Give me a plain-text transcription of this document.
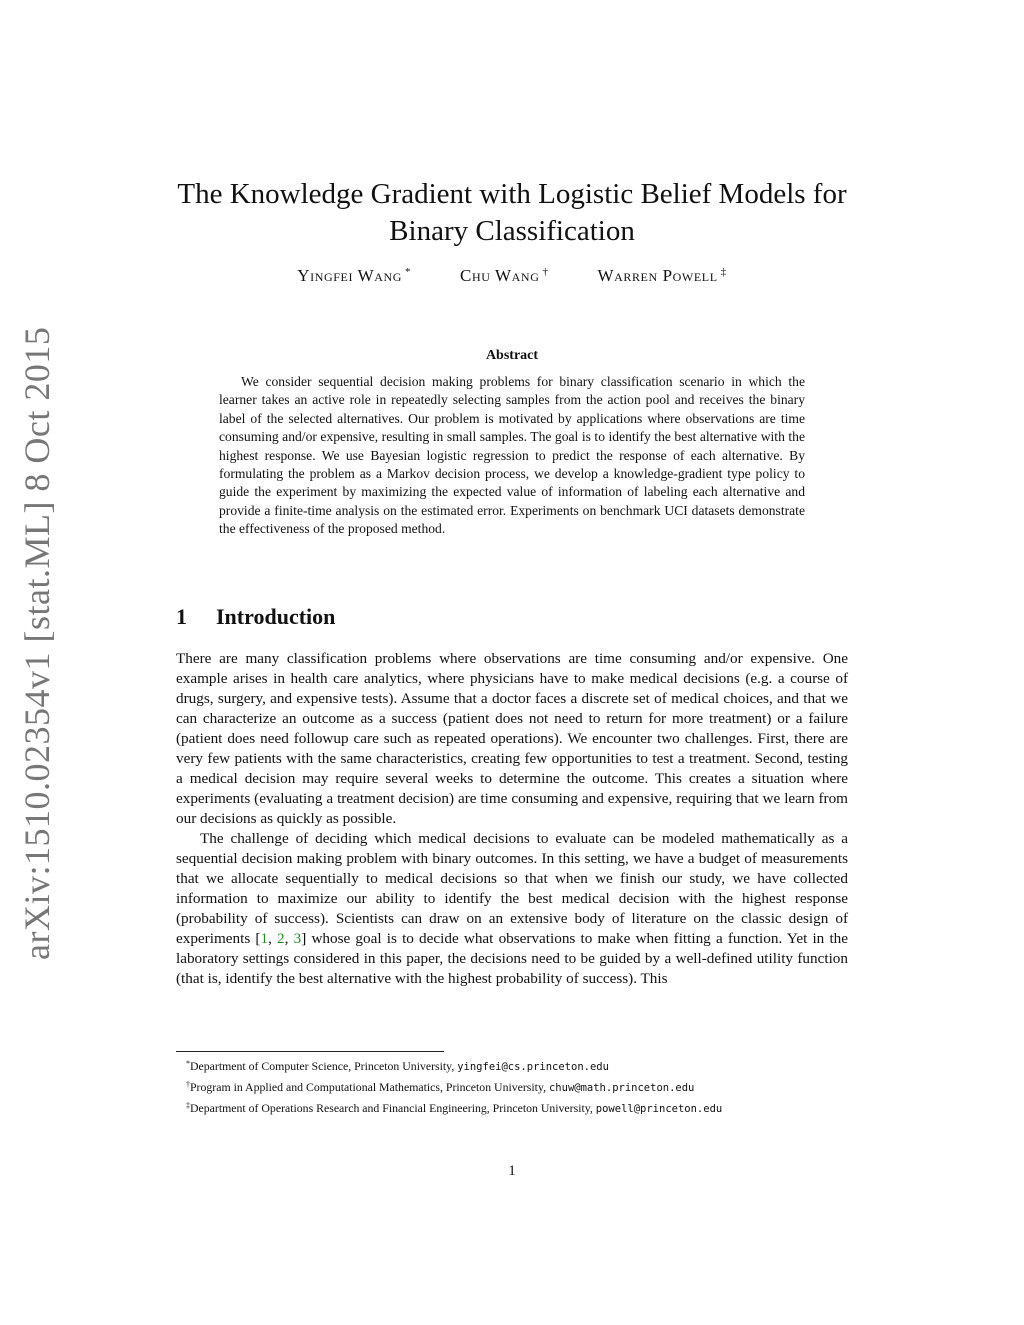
arXiv:1510.02354v1 [stat.ML] 8 Oct 2015
The Knowledge Gradient with Logistic Belief Models for Binary Classification
Yingfei Wang *	Chu Wang †	Warren Powell ‡
Abstract

We consider sequential decision making problems for binary classification scenario in which the learner takes an active role in repeatedly selecting samples from the action pool and receives the binary label of the selected alternatives. Our problem is motivated by applications where observations are time consuming and/or expensive, resulting in small samples. The goal is to identify the best alternative with the highest response. We use Bayesian logistic regression to predict the response of each alternative. By formulating the problem as a Markov decision process, we develop a knowledge-gradient type policy to guide the experiment by maximizing the expected value of information of labeling each alternative and provide a finite-time analysis on the estimated error. Experiments on benchmark UCI datasets demonstrate the effectiveness of the proposed method.

1 Introduction

There are many classification problems where observations are time consuming and/or expensive. One example arises in health care analytics, where physicians have to make medical decisions (e.g. a course of drugs, surgery, and expensive tests). Assume that a doctor faces a discrete set of medical choices, and that we can characterize an outcome as a success (patient does not need to return for more treatment) or a failure (patient does need followup care such as repeated operations). We encounter two challenges. First, there are very few patients with the same characteristics, creating few opportunities to test a treatment. Second, testing a medical decision may require several weeks to determine the outcome. This creates a situation where experiments (evaluating a treatment decision) are time consuming and expensive, requiring that we learn from our decisions as quickly as possible.

The challenge of deciding which medical decisions to evaluate can be modeled mathematically as a sequential decision making problem with binary outcomes. In this setting, we have a budget of measurements that we allocate sequentially to medical decisions so that when we finish our study, we have collected information to maximize our ability to identify the best medical decision with the highest response (probability of success). Scientists can draw on an extensive body of literature on the classic design of experiments [1, 2, 3] whose goal is to decide what observations to make when fitting a function. Yet in the laboratory settings considered in this paper, the decisions need to be guided by a well-defined utility function (that is, identify the best alternative with the highest probability of success). This

*Department of Computer Science, Princeton University, yingfei@cs.princeton.edu

†Program in Applied and Computational Mathematics, Princeton University, chuw@math.princeton.edu

‡Department of Operations Research and Financial Engineering, Princeton University, powell@princeton.edu

1
